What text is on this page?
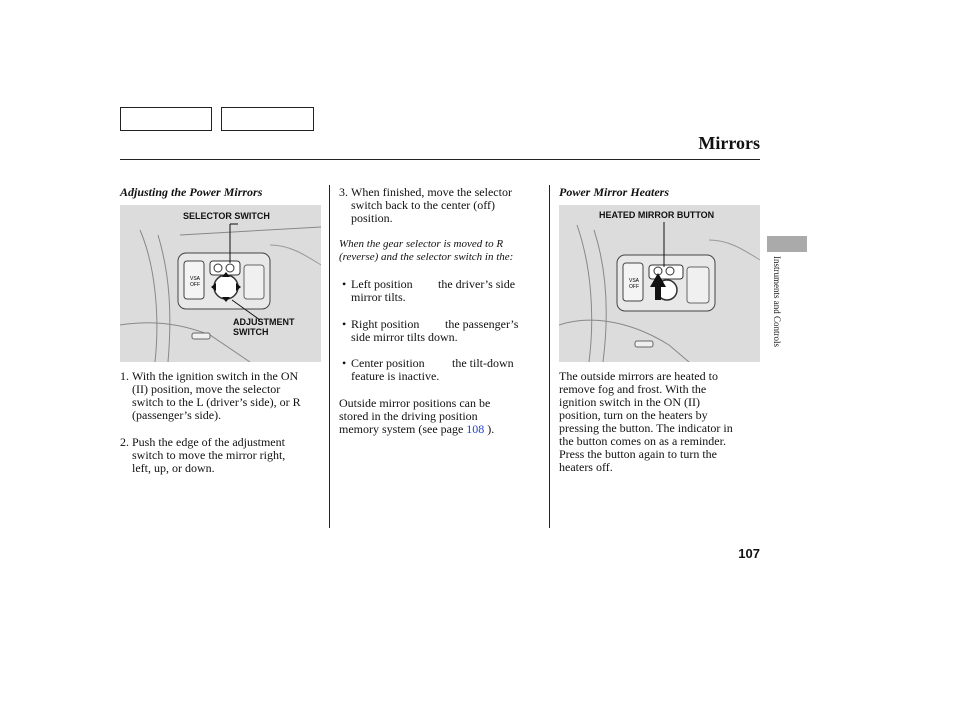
Mirrors
Adjusting the Power Mirrors
VSA
OFF
SELECTOR SWITCH
ADJUSTMENT
SWITCH
1. With the ignition switch in the ON
(II) position, move the selector
switch to the L (driver’s side), or R
(passenger’s side).
2. Push the edge of the adjustment
switch to move the mirror right,
left, up, or down.
3. When finished, move the selector
switch back to the center (off)
position.
When the gear selector is moved to R
(reverse) and the selector switch in the:
• Left position the driver’s side
mirror tilts.
• Right position the passenger’s
side mirror tilts down.
• Center position the tilt-down
feature is inactive.
Outside mirror positions can be
stored in the driving position
memory system (see page 108 ).
Power Mirror Heaters
VSA
OFF
HEATED MIRROR BUTTON
The outside mirrors are heated to
remove fog and frost. With the
ignition switch in the ON (II)
position, turn on the heaters by
pressing the button. The indicator in
the button comes on as a reminder.
Press the button again to turn the
heaters off.
Instruments and Controls
107
